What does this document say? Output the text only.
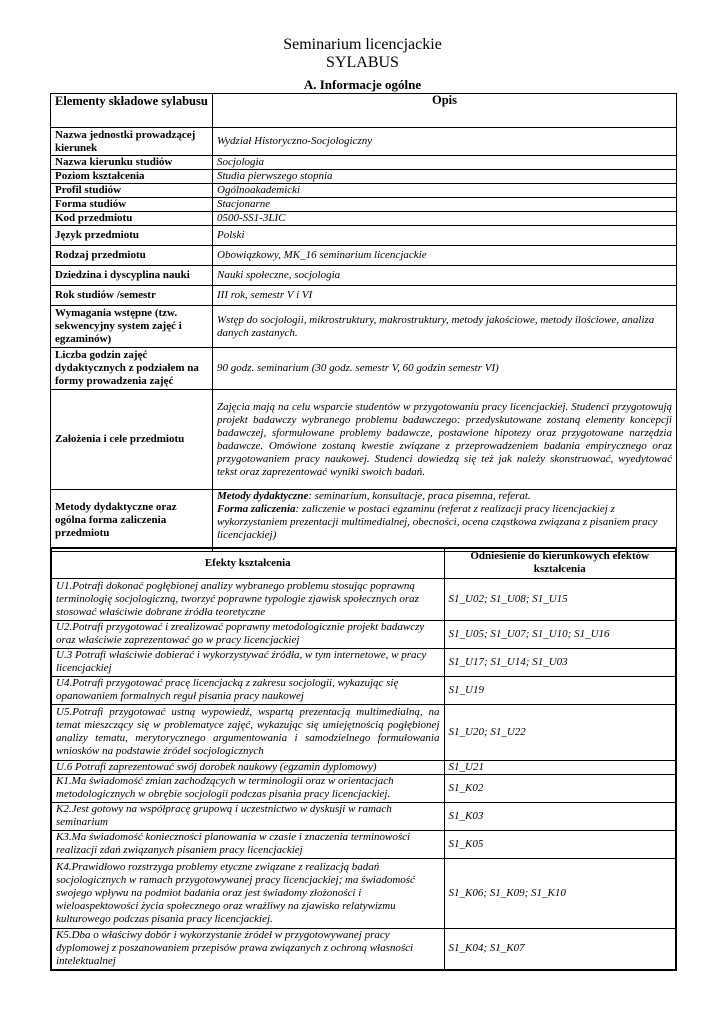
Seminarium licencjackie
SYLABUS
A. Informacje ogólne
Elementy składowe sylabusu	Opis
Nazwa jednostki prowadzącej kierunek	Wydział Historyczno-Socjologiczny
Nazwa kierunku studiów	Socjologia
Poziom kształcenia	Studia pierwszego stopnia
Profil studiów	Ogólnoakademicki
Forma studiów	Stacjonarne
Kod przedmiotu	0500-SS1-3LIC
Język przedmiotu	Polski
Rodzaj przedmiotu	Obowiązkowy, MK_16 seminarium licencjackie
Dziedzina i dyscyplina nauki	Nauki społeczne, socjologia
Rok studiów /semestr	III rok, semestr V i VI
Wymagania wstępne (tzw. sekwencyjny system zajęć i egzaminów)	Wstęp do socjologii, mikrostruktury, makrostruktury, metody jakościowe, metody ilościowe, analiza danych zastanych.
Liczba godzin zajęć dydaktycznych z podziałem na formy prowadzenia zajęć	90 godz. seminarium (30 godz. semestr V, 60 godzin semestr VI)
Założenia i cele przedmiotu	Zajęcia mają na celu wsparcie studentów w przygotowaniu pracy licencjackiej. Studenci przygotowują projekt badawczy wybranego problemu badawczego: przedyskutowane zostaną elementy koncepcji badawczej, sformułowane problemy badawcze, postawione hipotezy oraz przygotowane narzędzia badawcze. Omówione zostaną kwestie związane z przeprowadzeniem badania empirycznego oraz przygotowaniem pracy naukowej. Studenci dowiedzą się też jak należy skonstruować, wyedytować tekst oraz zaprezentować wyniki swoich badań.
Metody dydaktyczne oraz ogólna forma zaliczenia przedmiotu	Metody dydaktyczne: seminarium, konsultacje, praca pisemna, referat.
Forma zaliczenia: zaliczenie w postaci egzaminu (referat z realizacji pracy licencjackiej z wykorzystaniem prezentacji multimedialnej, obecności, ocena cząstkowa związana z pisaniem pracy licencjackiej)
Efekty kształcenia	Odniesienie do kierunkowych efektów kształcenia
U1.Potrafi dokonać pogłębionej analizy wybranego problemu stosując poprawną terminologię socjologiczną, tworzyć poprawne typologie zjawisk społecznych oraz stosować właściwie dobrane źródła teoretyczne	S1_U02; S1_U08; S1_U15
U2.Potrafi przygotować i zrealizować poprawny metodologicznie projekt badawczy oraz właściwie zaprezentować go w pracy licencjackiej	S1_U05; S1_U07; S1_U10; S1_U16
U.3 Potrafi właściwie dobierać i wykorzystywać źródła, w tym internetowe, w pracy licencjackiej	S1_U17; S1_U14; S1_U03
U4.Potrafi przygotować pracę licencjacką z zakresu socjologii, wykazując się opanowaniem formalnych reguł pisania pracy naukowej	S1_U19
U5.Potrafi przygotować ustną wypowiedź, wspartą prezentacją multimedialną, na temat mieszczący się w problematyce zajęć, wykazując się umiejętnością pogłębionej analizy tematu, merytorycznego argumentowania i samodzielnego formułowania wniosków na podstawie źródeł socjologicznych	S1_U20; S1_U22
U.6 Potrafi zaprezentować swój dorobek naukowy (egzamin dyplomowy)	S1_U21
K1.Ma świadomość zmian zachodzących w terminologii oraz w orientacjach metodologicznych w obrębie socjologii podczas pisania pracy licencjackiej.	S1_K02
K2.Jest gotowy na współpracę grupową i uczestnictwo w dyskusji w ramach seminarium	S1_K03
K3.Ma świadomość konieczności planowania w czasie i znaczenia terminowości realizacji zdań związanych pisaniem pracy licencjackiej	S1_K05
K4.Prawidłowo rozstrzyga problemy etyczne związane z realizacją badań socjologicznych w ramach przygotowywanej pracy licencjackiej; ma świadomość swojego wpływu na podmiot badania oraz jest świadomy złożoności i wieloaspektowości życia społecznego oraz wrażliwy na zjawisko relatywizmu kulturowego podczas pisania pracy licencjackiej.	S1_K06; S1_K09; S1_K10
K5.Dba o właściwy dobór i wykorzystanie źródeł w przygotowywanej pracy dyplomowej z poszanowaniem przepisów prawa związanych z ochroną własności intelektualnej	S1_K04; S1_K07
